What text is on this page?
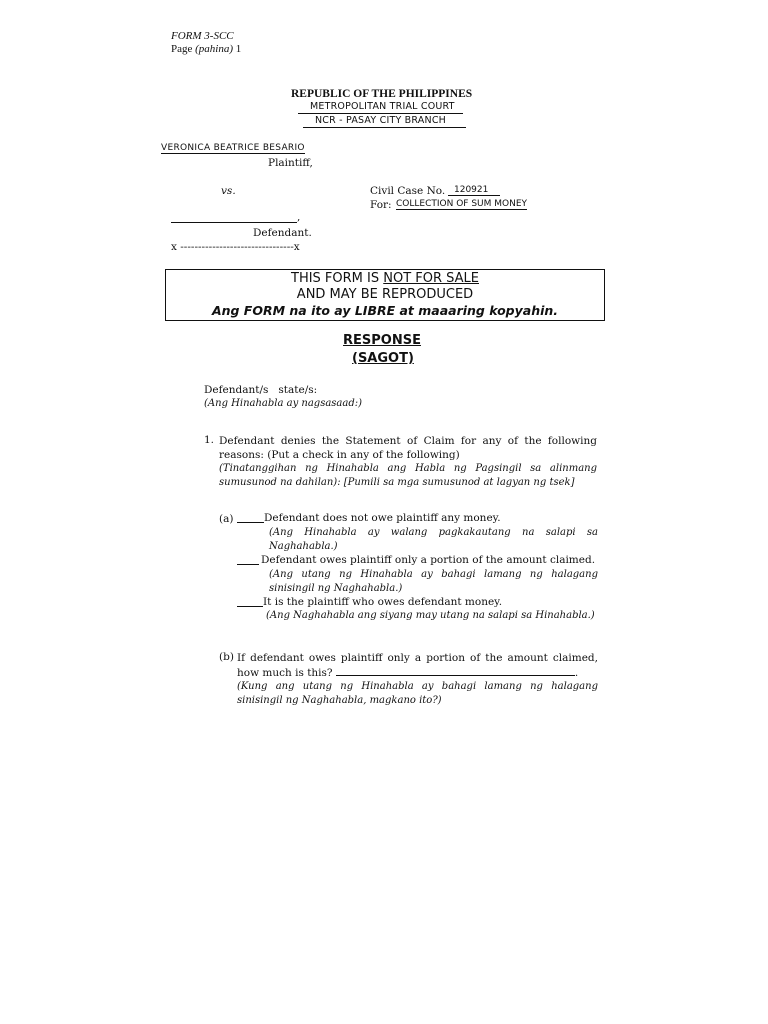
FORM 3-SCC
Page (pahina) 1
REPUBLIC OF THE PHILIPPINES
METROPOLITAN TRIAL COURT
NCR - PASAY CITY BRANCH
VERONICA BEATRICE BESARIO
Plaintiff,
vs.	Civil Case No. 120921
For: COLLECTION OF SUM MONEY
,
Defendant.
x --------------------------------x
THIS FORM IS NOT FOR SALE
AND MAY BE REPRODUCED
Ang FORM na ito ay LIBRE at maaaring kopyahin.
RESPONSE
(SAGOT)
Defendant/s   state/s:
(Ang Hinahabla ay nagsasaad:)
1. Defendant denies the Statement of Claim for any of the following reasons: (Put a check in any of the following)
(Tinatanggihan ng Hinahabla ang Habla ng Pagsingil sa alinmang sumusunod na dahilan): [Pumili sa mga sumusunod at lagyan ng tsek]
(a)	Defendant does not owe plaintiff any money.
(Ang Hinahabla ay walang pagkakautang na salapi sa Naghahabla.)
Defendant owes plaintiff only a portion of the amount claimed.
(Ang utang ng Hinahabla ay bahagi lamang ng halagang sinisingil ng Naghahabla.)
It is the plaintiff who owes defendant money.
(Ang Naghahabla ang siyang may utang na salapi sa Hinahabla.)
(b) If defendant owes plaintiff only a portion of the amount claimed, how much is this?	.
(Kung ang utang ng Hinahabla ay bahagi lamang ng halagang sinisingil ng Naghahabla, magkano ito?)
